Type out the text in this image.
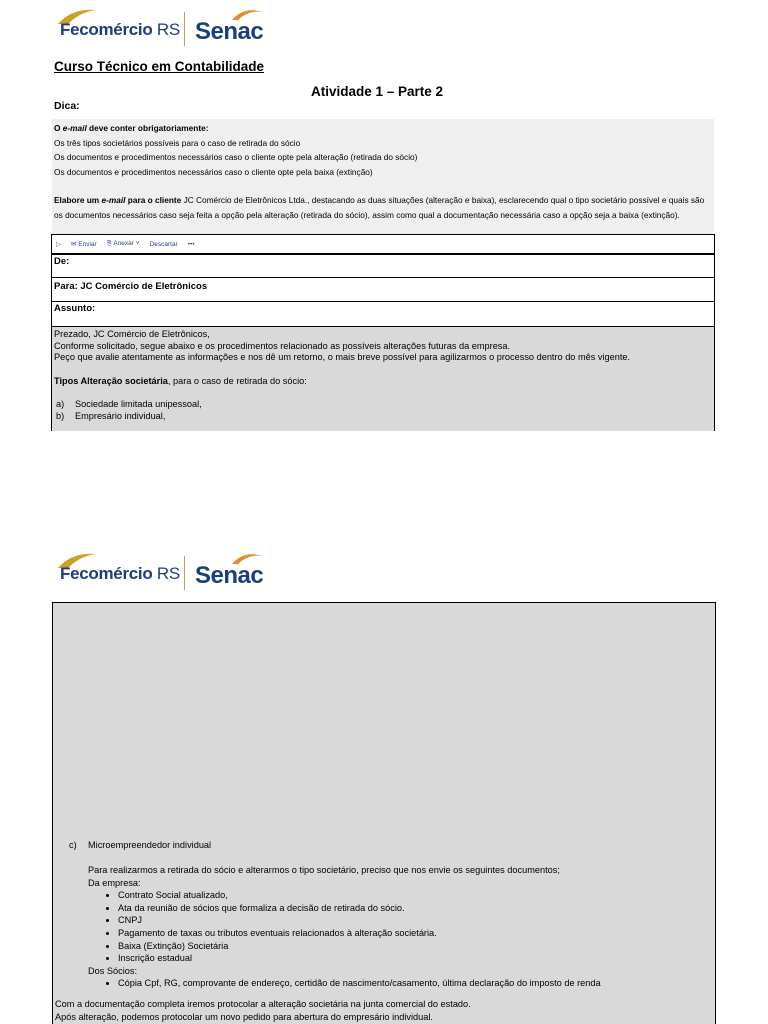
Fecomércio RS Senac
Curso Técnico em Contabilidade
Atividade 1 – Parte 2
Dica:

O e-mail deve conter obrigatoriamente:

Os três tipos societários possíveis para o caso de retirada do sócio

Os documentos e procedimentos necessários caso o cliente opte pela alteração (retirada do sócio)

Os documentos e procedimentos necessários caso o cliente opte pela baixa (extinção)

Elabore um e-mail para o cliente JC Comércio de Eletrônicos Ltda., destacando as duas situações (alteração e baixa), esclarecendo qual o tipo societário possível e quais são os documentos necessários caso seja feita a opção pela alteração (retirada do sócio), assim como qual a documentação necessária caso a opção seja a baixa (extinção).

▷ ✉ Enviar ⎘ Anexar ˅ Descartar •••
De:
Para: JC Comércio de Eletrônicos
Assunto:

Prezado, JC Comércio de Eletrônicos,

Conforme solicitado, segue abaixo e os procedimentos relacionado as possíveis alterações futuras da empresa.

Peço que avalie atentamente as informações e nos dê um retorno, o mais breve possível para agilizarmos o processo dentro do mês vigente.

Tipos Alteração societária, para o caso de retirada do sócio:

a) Sociedade limitada unipessoal,

b) Empresário individual,

Fecomércio RS Senac
c) Microempreendedor individual
Para realizarmos a retirada do sócio e alterarmos o tipo societário, preciso que nos envie os seguintes documentos;
Da empresa:
• Contrato Social atualizado,
• Ata da reunião de sócios que formaliza a decisão de retirada do sócio.
• CNPJ
• Pagamento de taxas ou tributos eventuais relacionados à alteração societária.
• Baixa (Extinção) Societária
• Inscrição estadual
Dos Sócios:
• Cópia Cpf, RG, comprovante de endereço, certidão de nascimento/casamento, última declaração do imposto de renda
Com a documentação completa iremos protocolar a alteração societária na junta comercial do estado.
Após alteração, podemos protocolar um novo pedido para abertura do empresário individual.
